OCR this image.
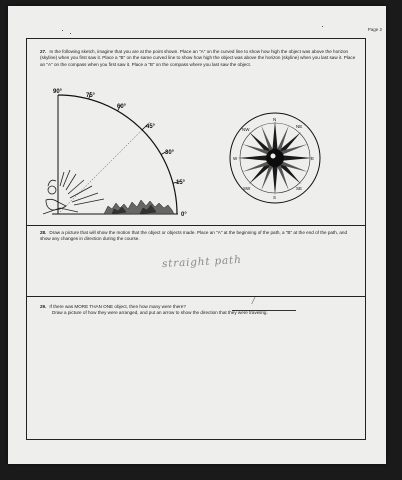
Page 2
27. In the following sketch, imagine that you are at the point shown. Place an "A" on the curved line to show how high the object was above the horizon (skyline) when you first saw it. Place a "B" on the same curved line to show how high the object was above the horizon (skyline) when you last saw it. Place an "A" on the compass when you first saw it. Place a "B" on the compass where you last saw the object.
90°
75°
60°
45°
30°
15°
0°
N
NE
E
SE
S
SW
W
NW
28. Draw a picture that will show the motion that the object or objects made. Place an "A" at the beginning of the path, a "B" at the end of the path, and show any changes in direction during the course.
straight path
29. If there was MORE THAN ONE object, then how many were there?
Draw a picture of how they were arranged, and put an arrow to show the direction that they were traveling.
/
